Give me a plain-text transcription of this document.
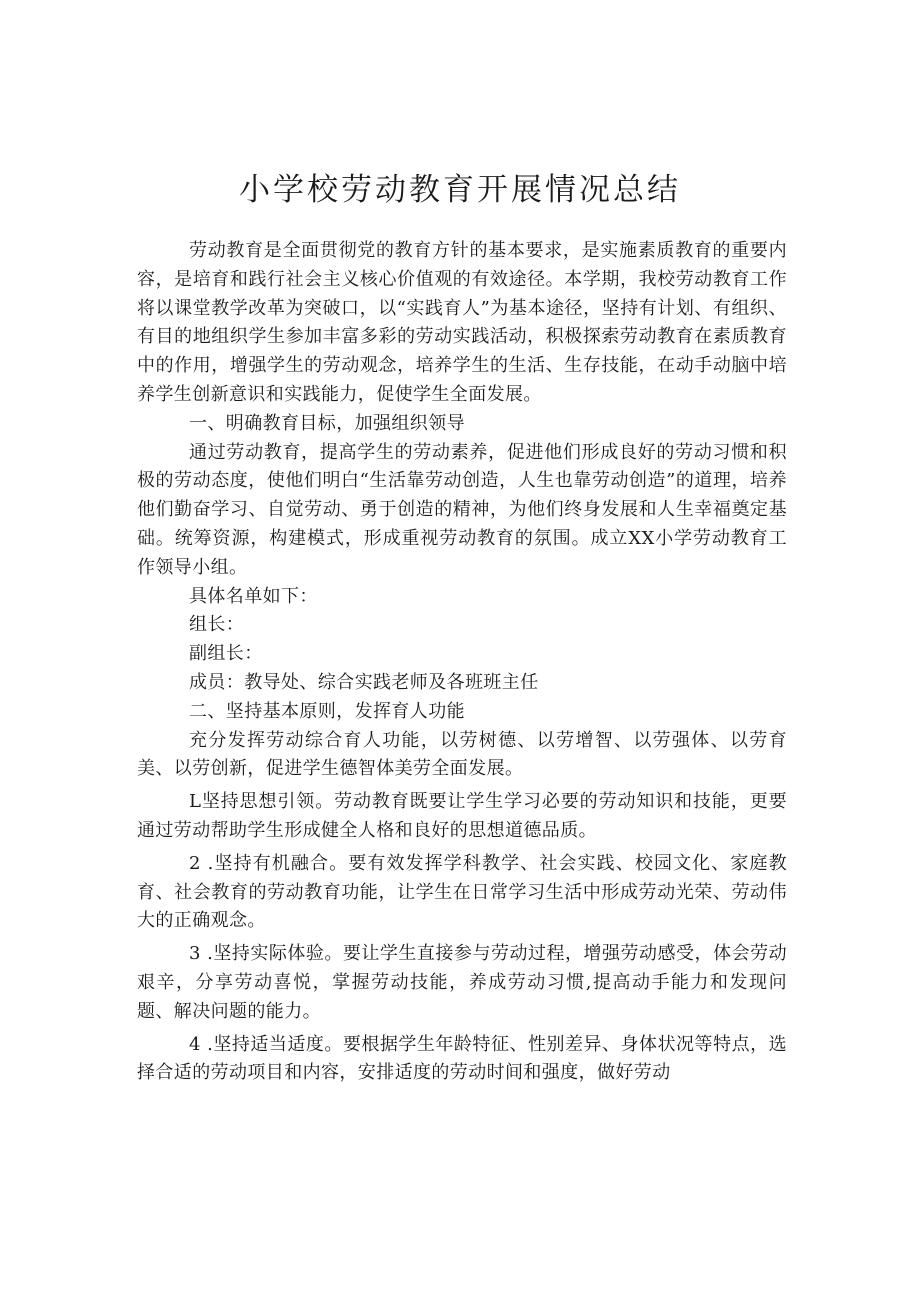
小学校劳动教育开展情况总结

劳动教育是全面贯彻党的教育方针的基本要求，是实施素质教育的重要内容，是培育和践行社会主义核心价值观的有效途径。本学期，我校劳动教育工作将以课堂教学改革为突破口，以“实践育人”为基本途径，坚持有计划、有组织、有目的地组织学生参加丰富多彩的劳动实践活动，积极探索劳动教育在素质教育中的作用，增强学生的劳动观念，培养学生的生活、生存技能，在动手动脑中培养学生创新意识和实践能力，促使学生全面发展。

一、明确教育目标，加强组织领导

通过劳动教育，提高学生的劳动素养，促进他们形成良好的劳动习惯和积极的劳动态度，使他们明白“生活靠劳动创造，人生也靠劳动创造”的道理，培养他们勤奋学习、自觉劳动、勇于创造的精神，为他们终身发展和人生幸福奠定基础。统筹资源，构建模式，形成重视劳动教育的氛围。成立XX小学劳动教育工作领导小组。

具体名单如下：

组长：

副组长：

成员：教导处、综合实践老师及各班班主任

二、坚持基本原则，发挥育人功能

充分发挥劳动综合育人功能，以劳树德、以劳增智、以劳强体、以劳育美、以劳创新，促进学生德智体美劳全面发展。

L坚持思想引领。劳动教育既要让学生学习必要的劳动知识和技能，更要通过劳动帮助学生形成健全人格和良好的思想道德品质。

2 .坚持有机融合。要有效发挥学科教学、社会实践、校园文化、家庭教育、社会教育的劳动教育功能，让学生在日常学习生活中形成劳动光荣、劳动伟大的正确观念。

3 .坚持实际体验。要让学生直接参与劳动过程，增强劳动感受，体会劳动艰辛，分享劳动喜悦，掌握劳动技能，养成劳动习惯,提高动手能力和发现问题、解决问题的能力。

4 .坚持适当适度。要根据学生年龄特征、性别差异、身体状况等特点，选择合适的劳动项目和内容，安排适度的劳动时间和强度，做好劳动
